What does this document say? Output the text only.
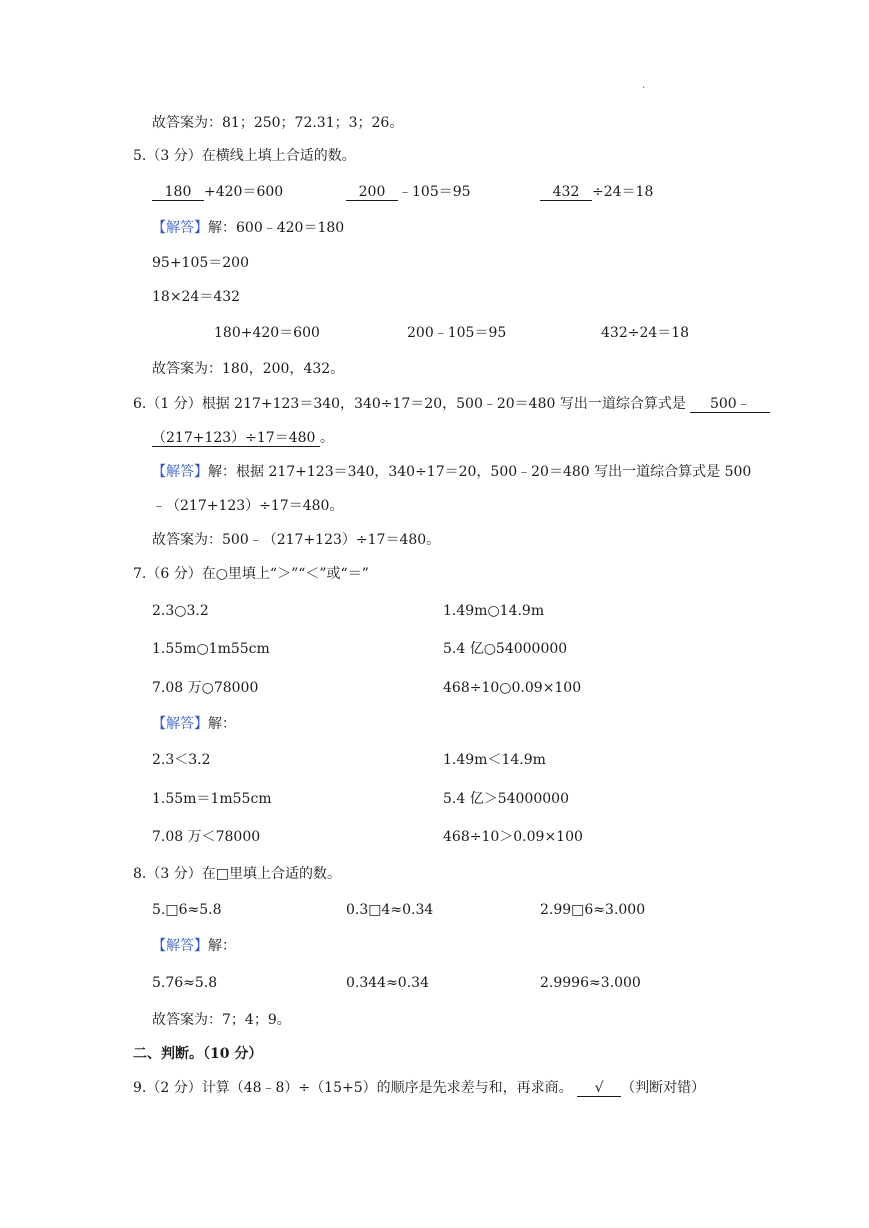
.
故答案为：81；250；72.31；3；26。
5.（3 分）在横线上填上合适的数。
180 +420＝600	200 ﹣105＝95	432 ÷24＝18
【解答】解：600﹣420＝180
95+105＝200
18×24＝432
180+420＝600	200﹣105＝95	432÷24＝18
故答案为：180，200，432。
6.（1 分）根据 217+123＝340，340÷17＝20，500﹣20＝480 写出一道综合算式是 500﹣
（217+123）÷17＝480 。
【解答】解：根据 217+123＝340，340÷17＝20，500﹣20＝480 写出一道综合算式是 500
﹣（217+123）÷17＝480。
故答案为：500﹣（217+123）÷17＝480。
7.（6 分）在○里填上“＞”“＜”或“＝”
2.3○3.2	1.49m○14.9m
1.55m○1m55cm	5.4 亿○54000000
7.08 万○78000	468÷10○0.09×100
【解答】解：
2.3＜3.2	1.49m＜14.9m
1.55m＝1m55cm	5.4 亿＞54000000
7.08 万＜78000	468÷10＞0.09×100
8.（3 分）在□里填上合适的数。
5.□6≈5.8	0.3□4≈0.34	2.99□6≈3.000
【解答】解：
5.76≈5.8	0.344≈0.34	2.9996≈3.000
故答案为：7；4；9。
二、判断。（10 分）
9.（2 分）计算（48﹣8）÷（15+5）的顺序是先求差与和，再求商。 √ （判断对错）
